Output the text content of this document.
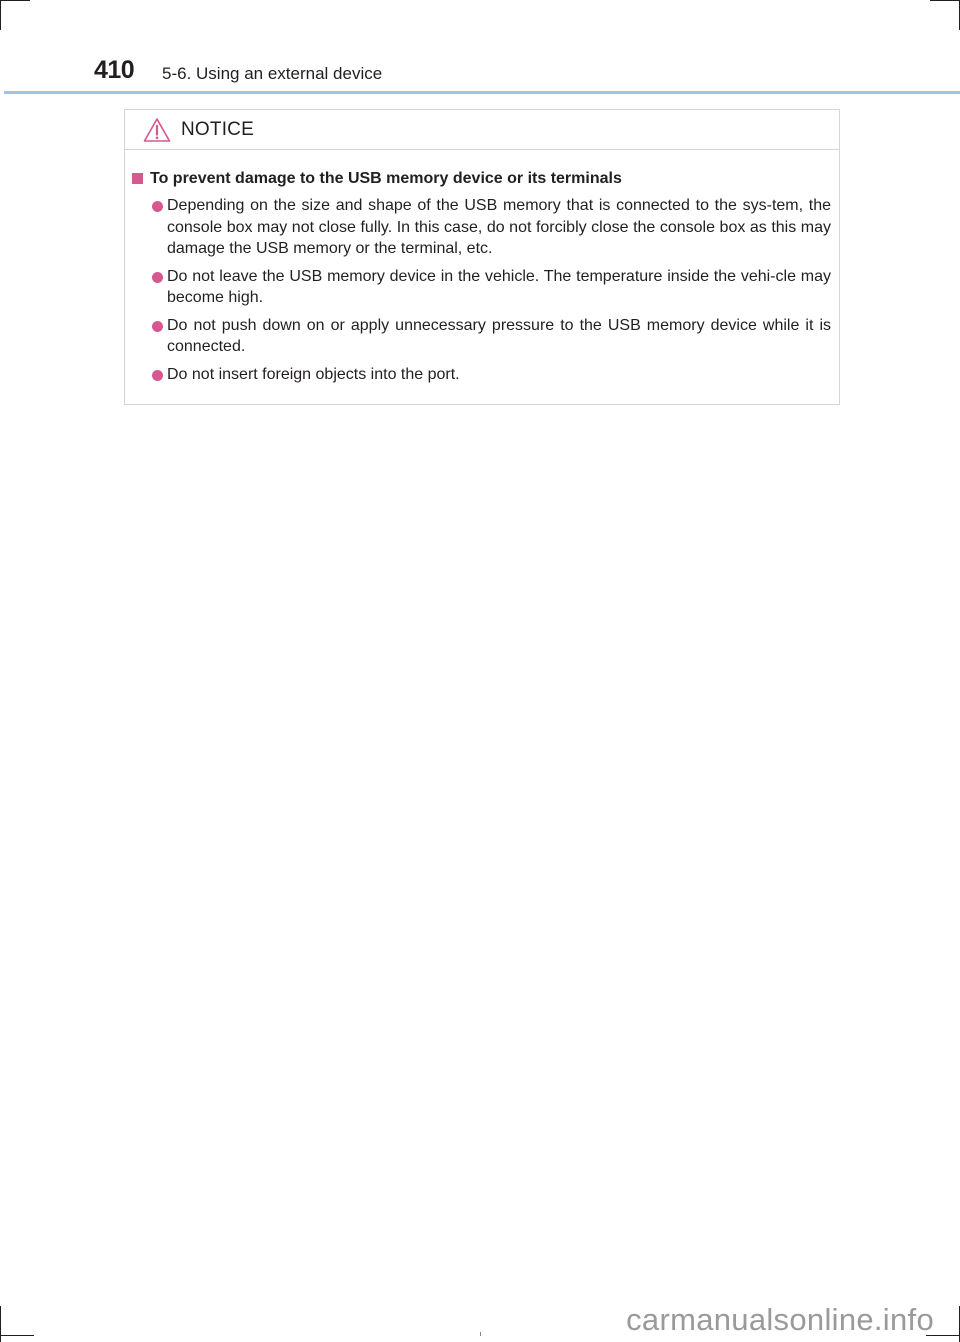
410 5-6. Using an external device
NOTICE
To prevent damage to the USB memory device or its terminals
Depending on the size and shape of the USB memory that is connected to the sys-tem, the console box may not close fully. In this case, do not forcibly close the console box as this may damage the USB memory or the terminal, etc.
Do not leave the USB memory device in the vehicle. The temperature inside the vehi-cle may become high.
Do not push down on or apply unnecessary pressure to the USB memory device while it is connected.
Do not insert foreign objects into the port.
carmanualsonline.info
